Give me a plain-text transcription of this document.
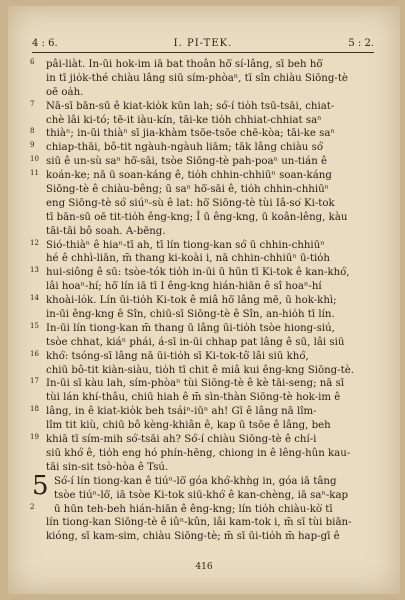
4 : 6.	I. PI-TEK.	5 : 2.
6	pâi-liàt. In-ūi hok-im iā bat thoân hō͘ sí-lâng, sī beh hō͘
in tī jio̍k-thé chiàu lâng siū sím-phòaⁿ, tī sîn chiàu Siōng-tè
oē oa̍h.
7	Nā-sī bān-sū ê kiat-kio̍k kūn lah; só͘-í tio̍h tsū-tsāi, chiat-
chè lâi ki-tó; tē-it iàu-kín, tāi-ke tio̍h chhiat-chhiat saⁿ
8	thiàⁿ; in-ūi thiàⁿ sī jia-khàm tsōe-tsōe chē-kòa; tāi-ke saⁿ
9	chiap-thāi, bô-tit ngàuh-ngàuh liām; tāk lâng chiàu só͘
10 siū ê un-sù saⁿ hō͘-sāi, tsòe Siōng-tè pah-poaⁿ un-tián ê
11 koán-ke; nā ū soan-káng ê, tio̍h chhin-chhiūⁿ soan-káng
Siōng-tè ê chiàu-bêng; ū saⁿ hō͘-sāi ê, tio̍h chhin-chhiūⁿ
eng Siōng-tè só͘ siúⁿ-sù ê lat: hō͘ Siōng-tè tùi Iâ-so͘ Ki-tok
tī bān-sū oē tit-tio̍h êng-kng; Î ū êng-kng, ū koân-lêng, kàu
tāi-tāi bô soah. A-bēng.
12 Sió-thiàⁿ ê hiaⁿ-tī ah, tī lín tiong-kan só͘ ū chhin-chhiūⁿ
hé ê chhì-liān, m̄ thang ki-koài i, nā chhin-chhiūⁿ ū-tio̍h
13 hui-siông ê sū: tsòe-tók tio̍h in-ūi ū hūn tī Ki-tok ê kan-khó͘,
lâi hoaⁿ-hí; hō͘ lín iā tī I êng-kng hián-hiān ê sî hoaⁿ-hí
14 khoài-lo̍k. Lín ūi-tio̍h Ki-tok ê miâ hō͘ lâng mē, ū hok-khì;
in-ūi êng-kng ê Sîn, chiū-sī Siōng-tè ê Sîn, an-hio̍h tī lín.
15 In-ūi lín tiong-kan m̄ thang ū lâng ūi-tio̍h tsòe hiong-siú,
tsòe chhat, kiáⁿ phái, á-sī in-ūi chhap pat lâng ê sū, lâi siū
16 khó͘: tsóng-sī lâng nā ūi-tio̍h sī Ki-tok-tô͘ lâi siū khó͘,
chiū bô-tit kiàn-siàu, tio̍h tī chit ê miâ kui êng-kng Siōng-tè.
17 In-ūi sī kàu lah, sím-phòaⁿ tùi Siōng-tè ê kè tāi-seng; nā sī
tùi lán khí-thâu, chiū hiah ê m̄ sìn-thàn Siōng-tè hok-im ê
18 lâng, in ê kiat-kio̍k beh tsáiⁿ-iūⁿ ah! Gī ê lâng nā lîm-
lîm tit kiù, chiū bô kèng-khiân ê, kap ū tsōe ê lâng, beh
19 khiā tī sím-mih só͘-tsāi ah? Só͘-í chiàu Siōng-tè ê chí-i
siū khó͘ ê, tio̍h eng hó phín-hēng, chiong in ê lêng-hûn kau-
tāi sin-sit tsò-hòa ê Tsú.
Só͘-í lín tiong-kan ê tiúⁿ-lō͘ góa khó͘-khǹg in, góa iā tâng
5 tsòe tiúⁿ-lō͘, iā tsòe Ki-tok siū-khó͘ ê kan-chèng, iā saⁿ-kap
2	ū hūn teh-beh hián-hiān ê êng-kng; lín tio̍h chiàu-kò͘ tī
lín tiong-kan Siōng-tè ê iûⁿ-kûn, lâi kam-tok i, m̄ sī tùi biān-
kióng, sī kam-sim, chiàu Siōng-tè; m̄ sī ūi-tio̍h m̄ hap-gī ê
416
